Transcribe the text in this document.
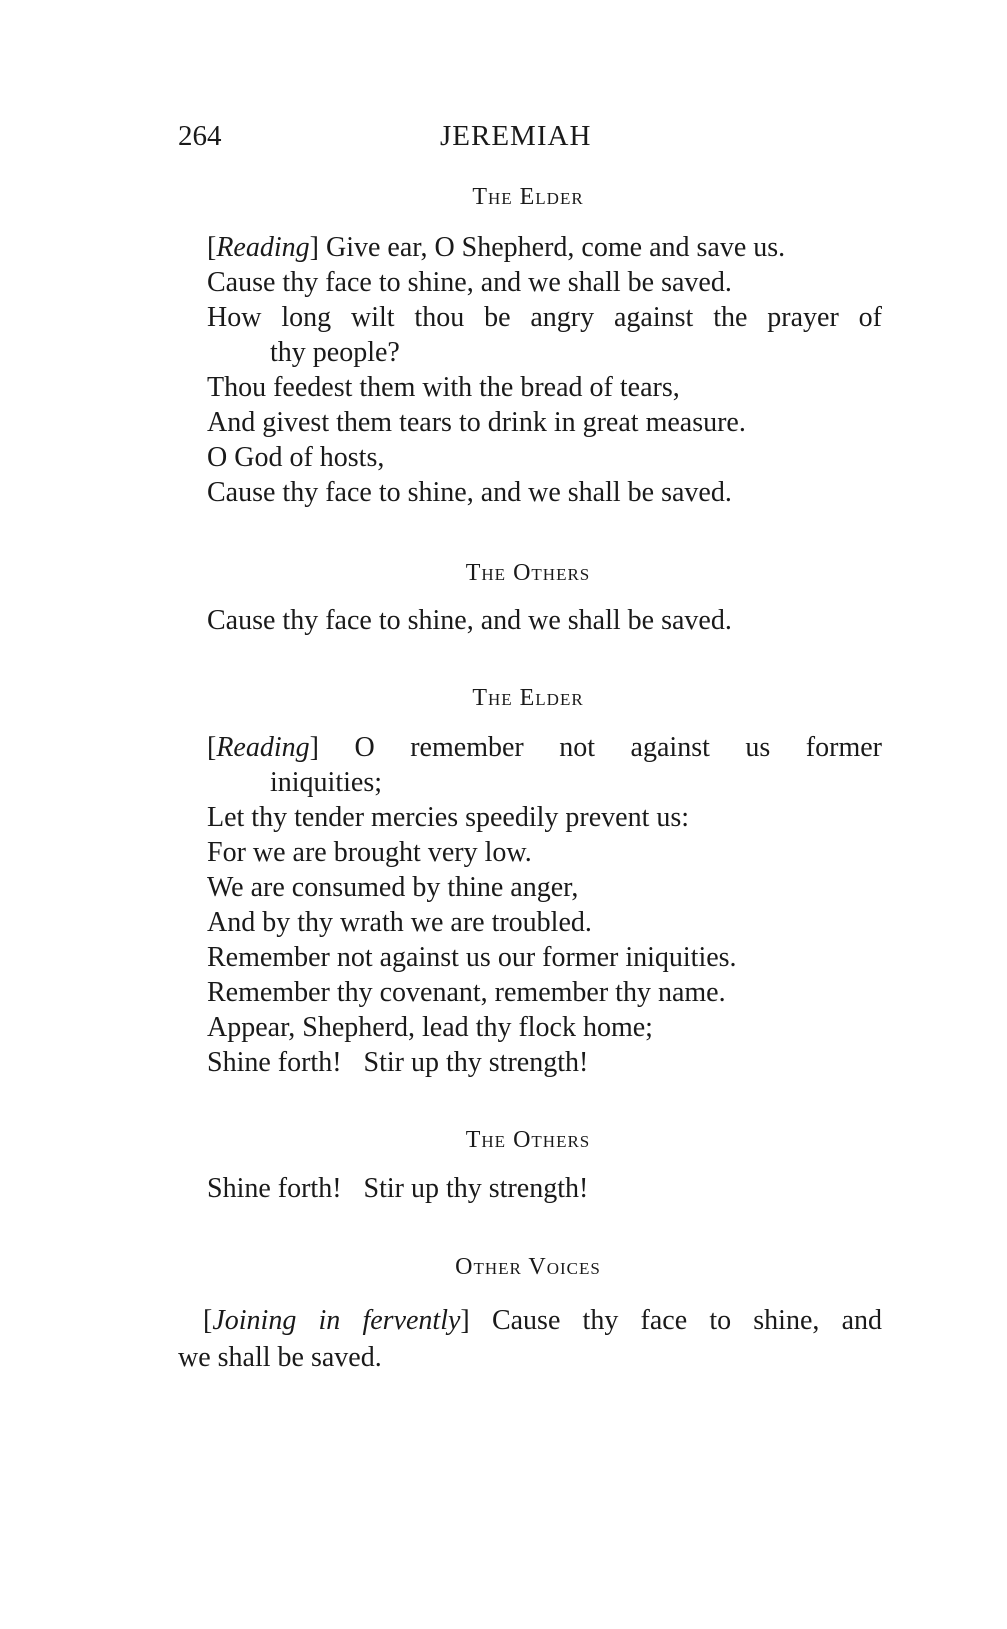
264	JEREMIAH
The Elder
[Reading] Give ear, O Shepherd, come and save us.
Cause thy face to shine, and we shall be saved.
How long wilt thou be angry against the prayer of
thy people?
Thou feedest them with the bread of tears,
And givest them tears to drink in great measure.
O God of hosts,
Cause thy face to shine, and we shall be saved.
The Others
Cause thy face to shine, and we shall be saved.
The Elder
[Reading] O remember not against us former
iniquities;
Let thy tender mercies speedily prevent us:
For we are brought very low.
We are consumed by thine anger,
And by thy wrath we are troubled.
Remember not against us our former iniquities.
Remember thy covenant, remember thy name.
Appear, Shepherd, lead thy flock home;
Shine forth! Stir up thy strength!
The Others
Shine forth! Stir up thy strength!
Other Voices
[Joining in fervently] Cause thy face to shine, and
we shall be saved.
